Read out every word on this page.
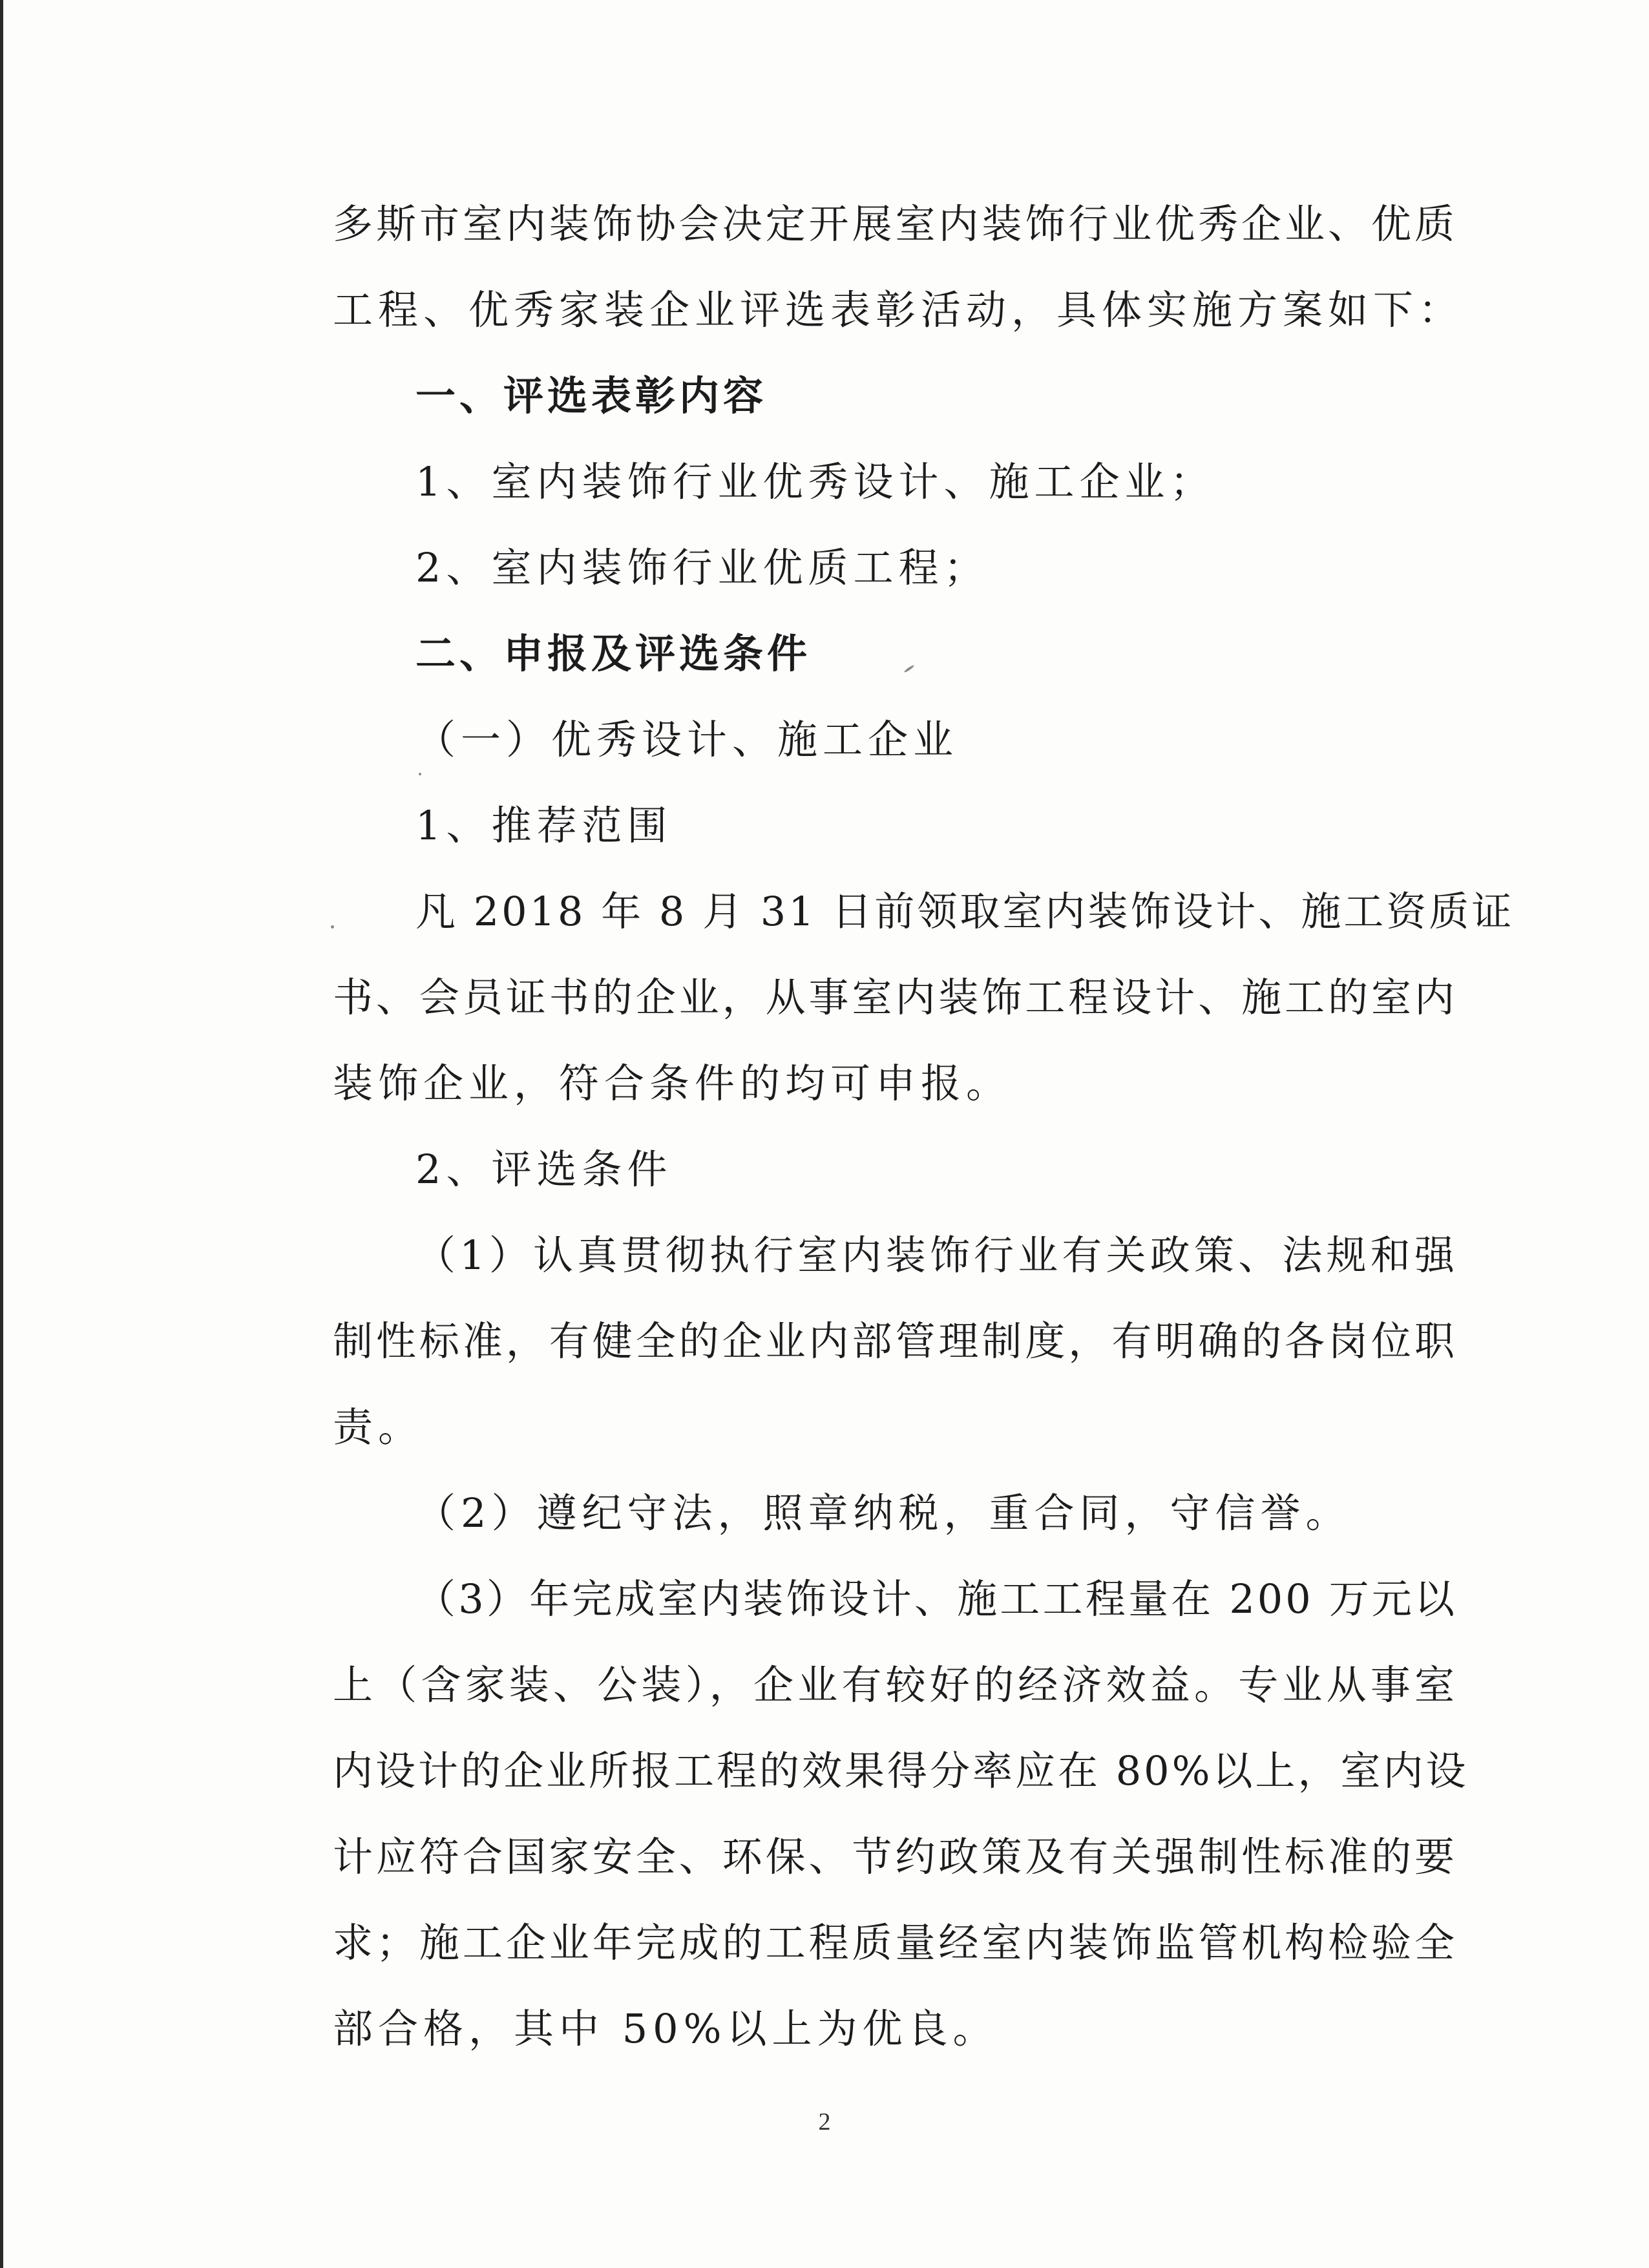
多斯市室内装饰协会决定开展室内装饰行业优秀企业、优质
工程、优秀家装企业评选表彰活动，具体实施方案如下：
一、评选表彰内容
1、室内装饰行业优秀设计、施工企业；
2、室内装饰行业优质工程；
二、申报及评选条件
（一）优秀设计、施工企业
1、推荐范围
凡 2018 年 8 月 31 日前领取室内装饰设计、施工资质证
书、会员证书的企业，从事室内装饰工程设计、施工的室内
装饰企业，符合条件的均可申报。
2、评选条件
（1）认真贯彻执行室内装饰行业有关政策、法规和强
制性标准，有健全的企业内部管理制度，有明确的各岗位职
责。
（2）遵纪守法，照章纳税，重合同，守信誉。
（3）年完成室内装饰设计、施工工程量在 200 万元以
上（含家装、公装），企业有较好的经济效益。专业从事室
内设计的企业所报工程的效果得分率应在 80%以上，室内设
计应符合国家安全、环保、节约政策及有关强制性标准的要
求；施工企业年完成的工程质量经室内装饰监管机构检验全
部合格，其中 50%以上为优良。
2
